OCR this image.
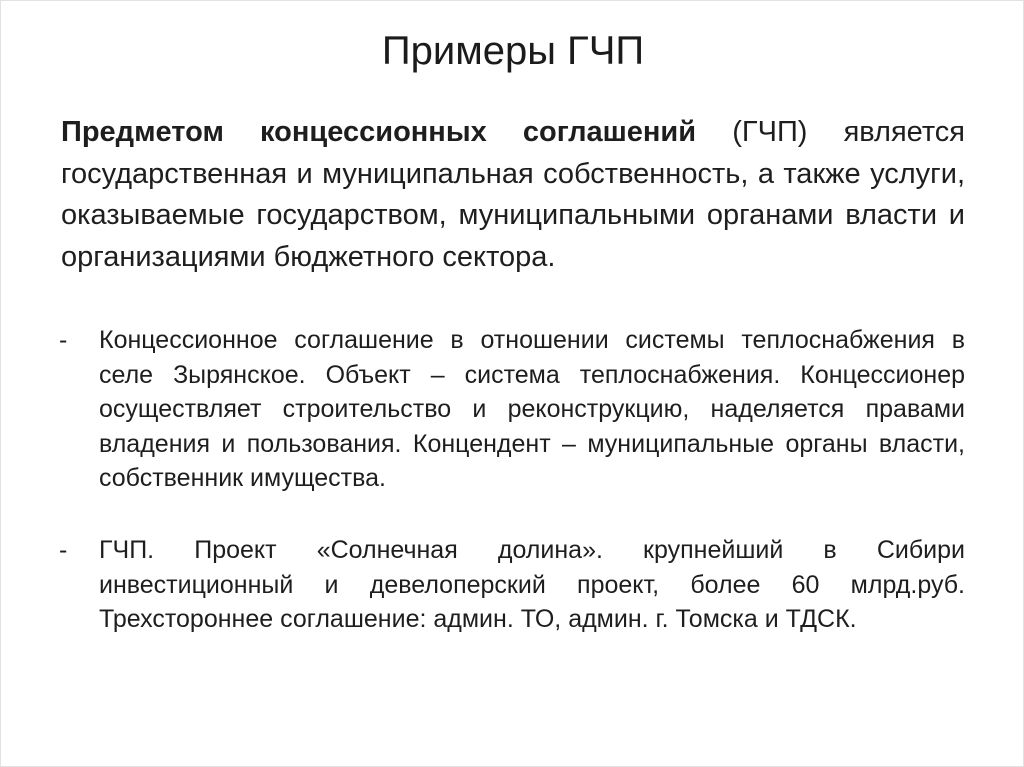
Примеры ГЧП
Предметом концессионных соглашений (ГЧП) является государственная и муниципальная собственность, а также услуги, оказываемые государством, муниципальными органами власти и организациями бюджетного сектора.
-	Концессионное соглашение в отношении системы теплоснабжения в селе Зырянское. Объект – система теплоснабжения. Концессионер осуществляет строительство и реконструкцию, наделяется правами владения и пользования. Концендент – муниципальные органы власти, собственник имущества.
-	ГЧП. Проект «Солнечная долина». крупнейший в Сибири инвестиционный и девелоперский проект, более 60 млрд.руб. Трехстороннее соглашение: админ. ТО, админ. г. Томска и ТДСК.
